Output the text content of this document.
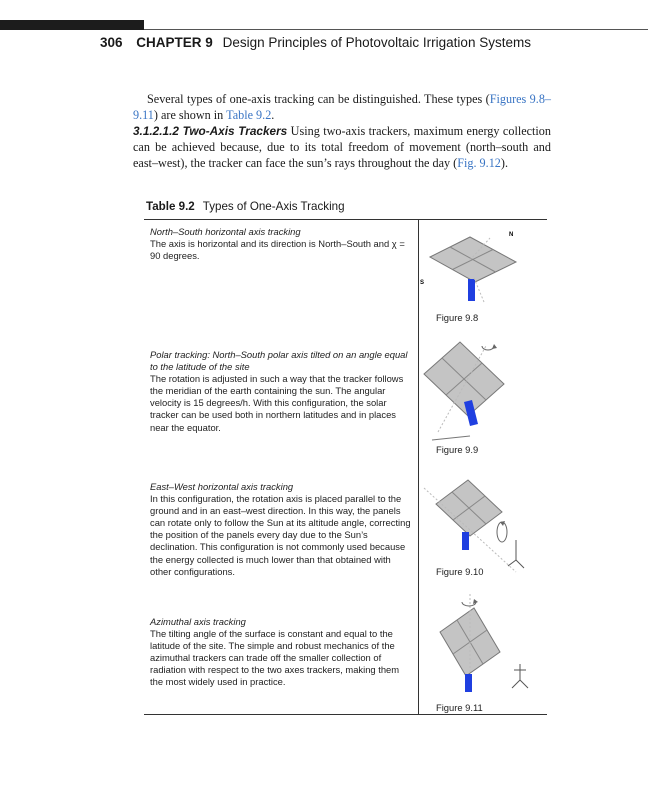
306 CHAPTER 9 Design Principles of Photovoltaic Irrigation Systems

Several types of one-axis tracking can be distinguished. These types (Figures 9.8–9.11) are shown in Table 9.2.

3.1.2.1.2 Two-Axis Trackers Using two-axis trackers, maximum energy collection can be achieved because, due to its total freedom of movement (north–south and east–west), the tracker can face the sun’s rays throughout the day (Fig. 9.12).

Table 9.2 Types of One-Axis Tracking
North–South horizontal axis tracking

The axis is horizontal and its direction is North–South and χ = 90 degrees.

N
S
Figure 9.8
Polar tracking: North–South polar axis tilted on an angle equal to the latitude of the site

The rotation is adjusted in such a way that the tracker follows the meridian of the earth containing the sun. The angular velocity is 15 degrees/h. With this configuration, the solar tracker can be used both in northern latitudes and in places near the equator.

Figure 9.9
East–West horizontal axis tracking

In this configuration, the rotation axis is placed parallel to the ground and in an east–west direction. In this way, the panels can rotate only to follow the Sun at its altitude angle, correcting the position of the panels every day due to the Sun’s declination. This configuration is not commonly used because the energy collected is much lower than that obtained with other configurations.	Figure 9.10
Azimuthal axis tracking

The tilting angle of the surface is constant and equal to the latitude of the site. The simple and robust mechanics of the azimuthal trackers can trade off the smaller collection of radiation with respect to the two axes trackers, making them the most widely used in practice.

Figure 9.11
